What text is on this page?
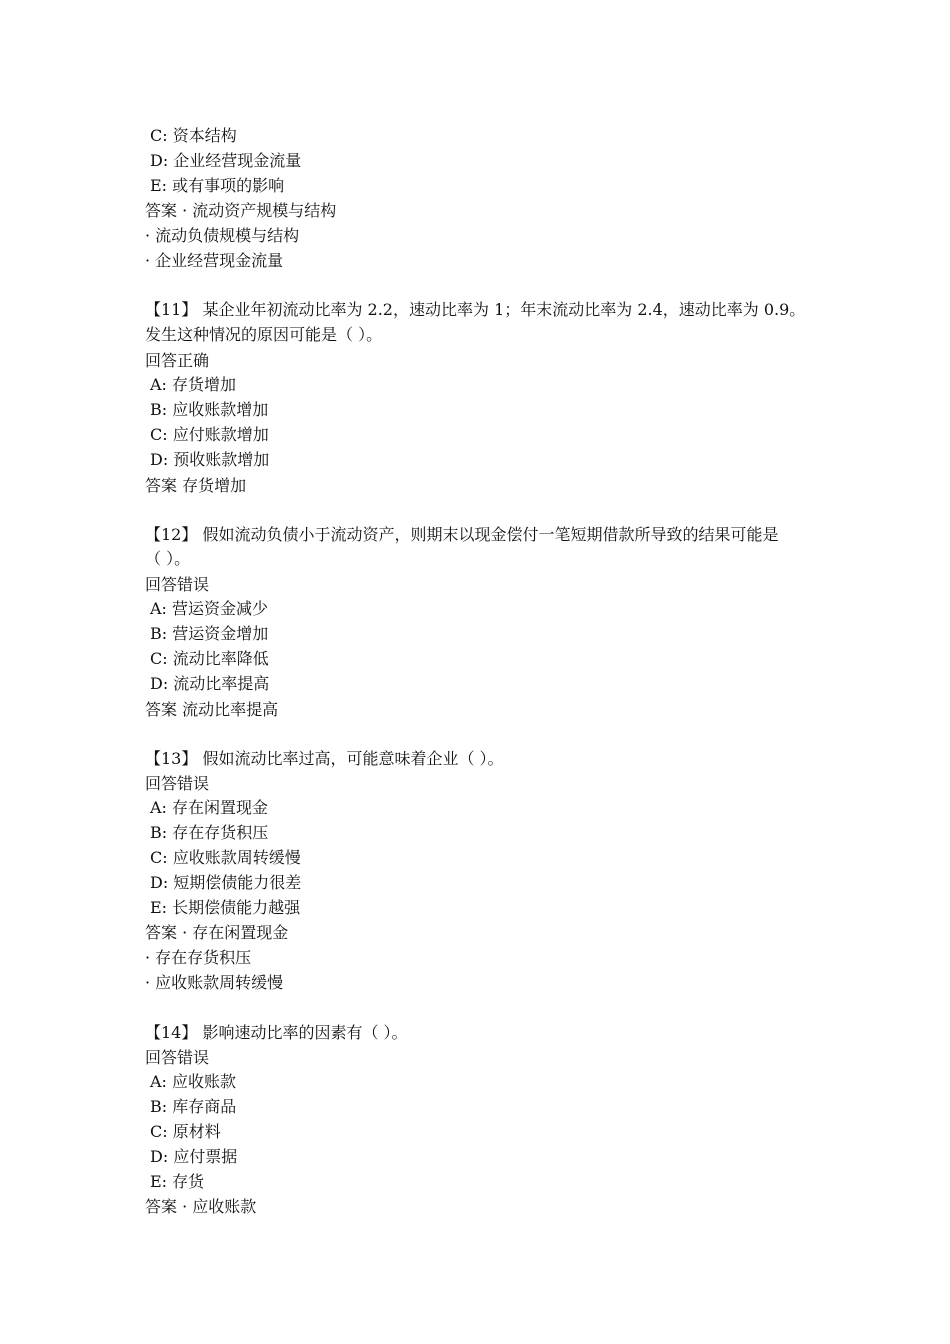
C: 资本结构
D: 企业经营现金流量
E: 或有事项的影响
答案 · 流动资产规模与结构
· 流动负债规模与结构
· 企业经营现金流量
【11】 某企业年初流动比率为 2.2，速动比率为 1；年末流动比率为 2.4，速动比率为 0.9。
发生这种情况的原因可能是（ ）。
回答正确
A: 存货增加
B: 应收账款增加
C: 应付账款增加
D: 预收账款增加
答案 存货增加
【12】 假如流动负债小于流动资产，则期末以现金偿付一笔短期借款所导致的结果可能是
（ ）。
回答错误
A: 营运资金减少
B: 营运资金增加
C: 流动比率降低
D: 流动比率提高
答案 流动比率提高
【13】 假如流动比率过高，可能意味着企业（ ）。
回答错误
A: 存在闲置现金
B: 存在存货积压
C: 应收账款周转缓慢
D: 短期偿债能力很差
E: 长期偿债能力越强
答案 · 存在闲置现金
· 存在存货积压
· 应收账款周转缓慢
【14】 影响速动比率的因素有（ ）。
回答错误
A: 应收账款
B: 库存商品
C: 原材料
D: 应付票据
E: 存货
答案 · 应收账款
